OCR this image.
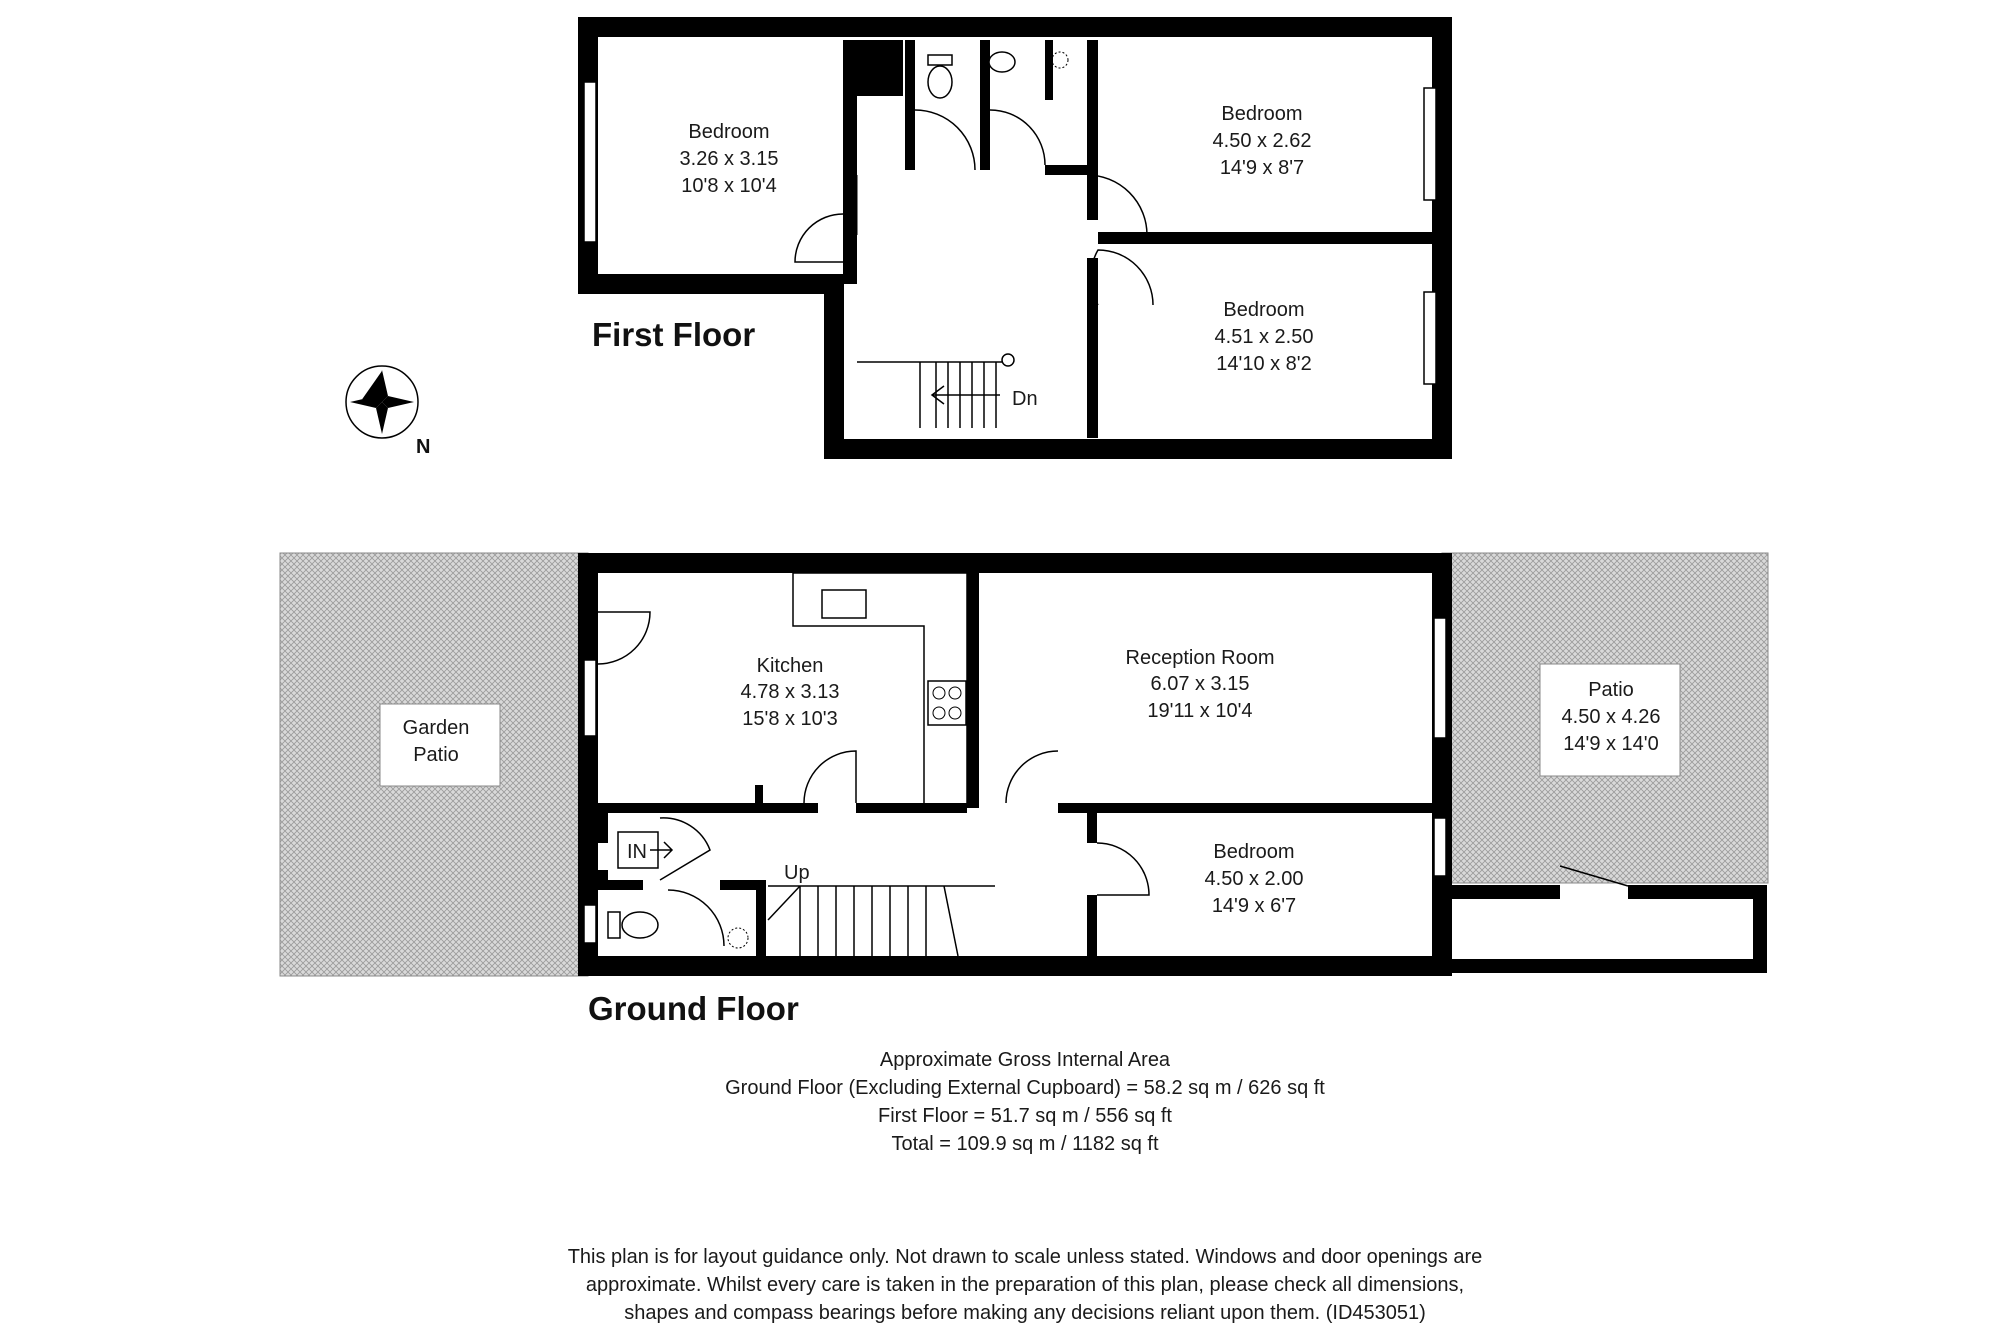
Bedroom
3.26 x 3.15
10'8 x 10'4
Bedroom
4.50 x 2.62
14'9 x 8'7
Bedroom
4.51 x 2.50
14'10 x 8'2
Dn
First Floor
N
IN
Kitchen
4.78 x 3.13
15'8 x 10'3
Reception Room
6.07 x 3.15
19'11 x 10'4
Bedroom
4.50 x 2.00
14'9 x 6'7
Patio
4.50 x 4.26
14'9 x 14'0
Garden
Patio
Up
Ground Floor
Approximate Gross Internal Area
Ground Floor (Excluding External Cupboard) = 58.2 sq m / 626 sq ft
First Floor = 51.7 sq m / 556 sq ft
Total = 109.9 sq m / 1182 sq ft
This plan is for layout guidance only. Not drawn to scale unless stated. Windows and door openings are
approximate. Whilst every care is taken in the preparation of this plan, please check all dimensions,
shapes and compass bearings before making any decisions reliant upon them. (ID453051)
